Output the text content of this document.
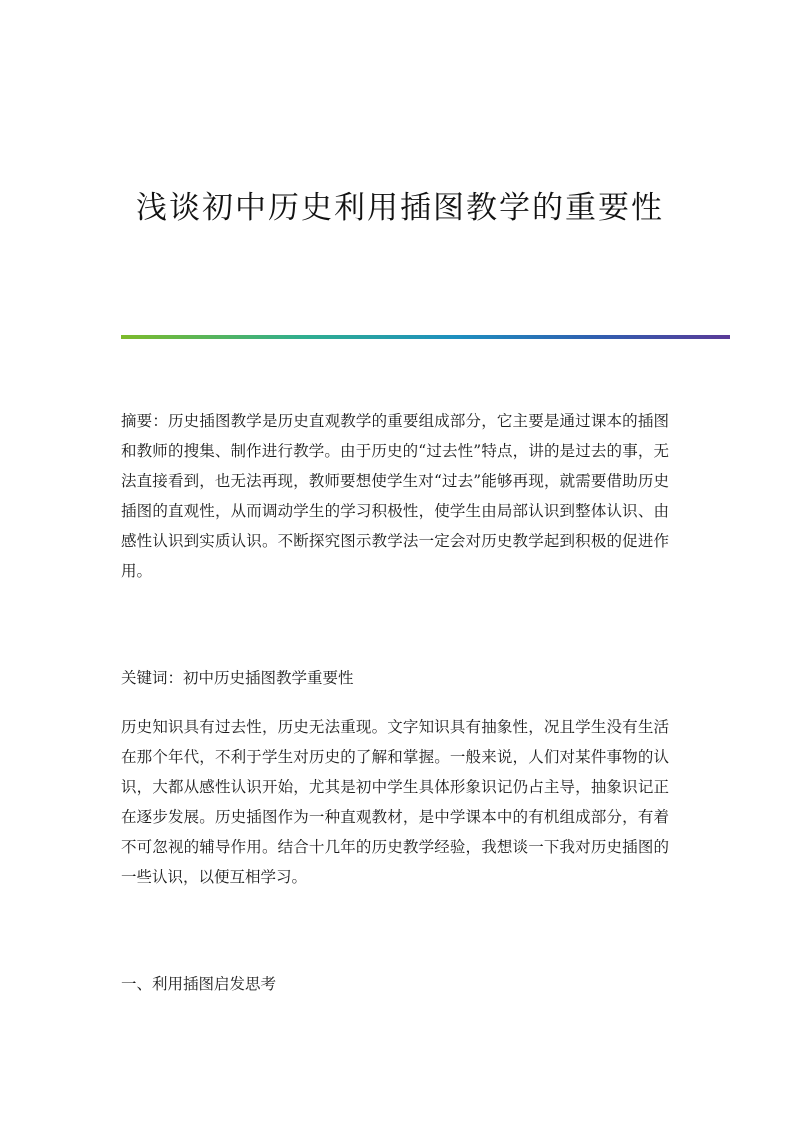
浅谈初中历史利用插图教学的重要性

摘要：历史插图教学是历史直观教学的重要组成部分，它主要是通过课本的插图和教师的搜集、制作进行教学。由于历史的“过去性”特点，讲的是过去的事，无法直接看到，也无法再现，教师要想使学生对“过去”能够再现，就需要借助历史插图的直观性，从而调动学生的学习积极性，使学生由局部认识到整体认识、由感性认识到实质认识。不断探究图示教学法一定会对历史教学起到积极的促进作用。

关键词：初中历史插图教学重要性

历史知识具有过去性，历史无法重现。文字知识具有抽象性，况且学生没有生活在那个年代，不利于学生对历史的了解和掌握。一般来说，人们对某件事物的认识，大都从感性认识开始，尤其是初中学生具体形象识记仍占主导，抽象识记正在逐步发展。历史插图作为一种直观教材，是中学课本中的有机组成部分，有着不可忽视的辅导作用。结合十几年的历史教学经验，我想谈一下我对历史插图的一些认识，以便互相学习。

一、利用插图启发思考
